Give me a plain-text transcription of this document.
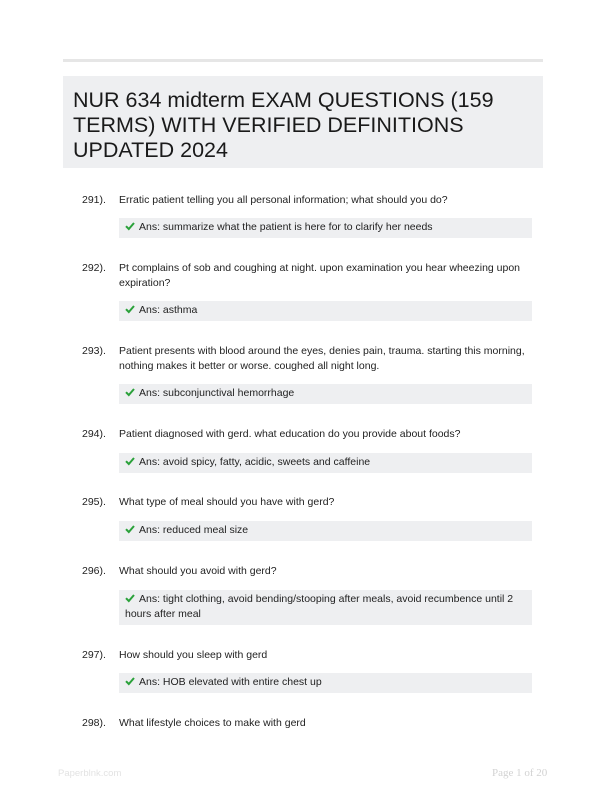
NUR 634 midterm EXAM QUESTIONS (159 TERMS) WITH VERIFIED DEFINITIONS UPDATED 2024
291). Erratic patient telling you all personal information; what should you do?
Ans: summarize what the patient is here for to clarify her needs
292). Pt complains of sob and coughing at night. upon examination you hear wheezing upon expiration?
Ans: asthma
293). Patient presents with blood around the eyes, denies pain, trauma. starting this morning, nothing makes it better or worse. coughed all night long.
Ans: subconjunctival hemorrhage
294). Patient diagnosed with gerd. what education do you provide about foods?
Ans: avoid spicy, fatty, acidic, sweets and caffeine
295). What type of meal should you have with gerd?
Ans: reduced meal size
296). What should you avoid with gerd?
Ans: tight clothing, avoid bending/stooping after meals, avoid recumbence until 2 hours after meal
297). How should you sleep with gerd
Ans: HOB elevated with entire chest up
298). What lifestyle choices to make with gerd
Paperblnk.com	Page 1 of 20
